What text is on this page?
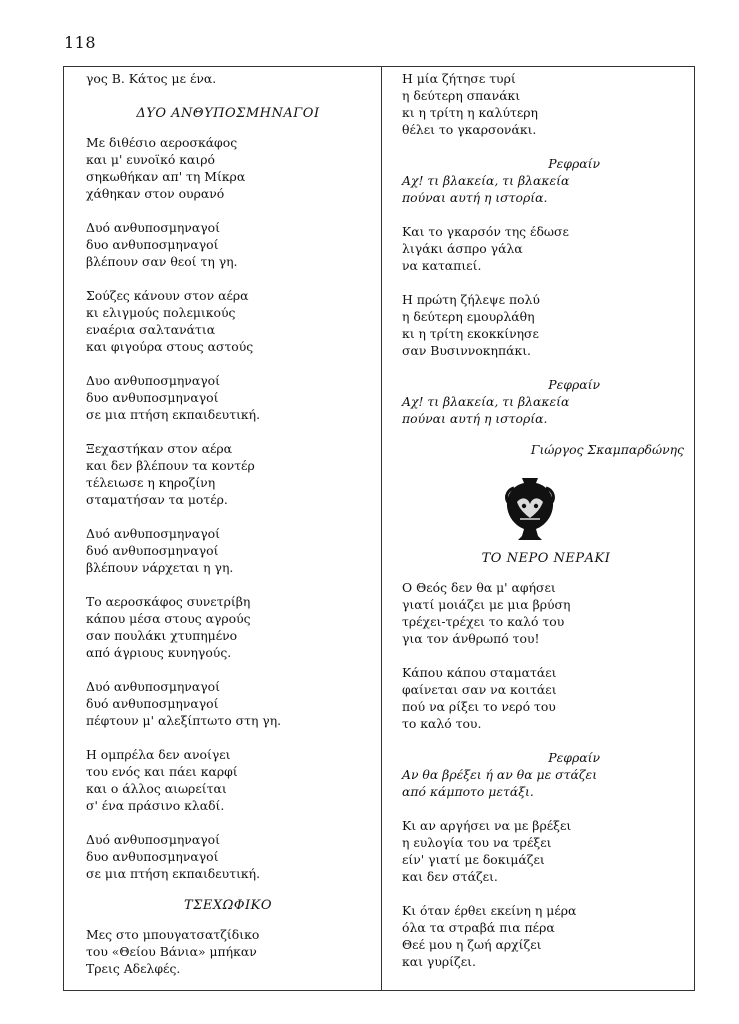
118
γος Β. Κάτος με ένα.
ΔΥΟ ΑΝΘΥΠΟΣΜΗΝΑΓΟΙ
Με διθέσιο αεροσκάφος
και μ' ευνοϊκό καιρό
σηκωθήκαν απ' τη Μίκρα
χάθηκαν στον ουρανό
Δυό ανθυποσμηναγοί
δυο ανθυποσμηναγοί
βλέπουν σαν θεοί τη γη.
Σούζες κάνουν στον αέρα
κι ελιγμούς πολεμικούς
εναέρια σαλτανάτια
και φιγούρα στους αστούς
Δυο ανθυποσμηναγοί
δυο ανθυποσμηναγοί
σε μια πτήση εκπαιδευτική.
Ξεχαστήκαν στον αέρα
και δεν βλέπουν τα κοντέρ
τέλειωσε η κηροζίνη
σταματήσαν τα μοτέρ.
Δυό ανθυποσμηναγοί
δυό ανθυποσμηναγοί
βλέπουν νάρχεται η γη.
Το αεροσκάφος συνετρίβη
κάπου μέσα στους αγρούς
σαν πουλάκι χτυπημένο
από άγριους κυνηγούς.
Δυό ανθυποσμηναγοί
δυό ανθυποσμηναγοί
πέφτουν μ' αλεξίπτωτο στη γη.
Η ομπρέλα δεν ανοίγει
του ενός και πάει καρφί
και ο άλλος αιωρείται
σ' ένα πράσινο κλαδί.
Δυό ανθυποσμηναγοί
δυο ανθυποσμηναγοί
σε μια πτήση εκπαιδευτική.
ΤΣΕΧΩΦΙΚΟ
Μες στο μπουγατσατζίδικο
του «Θείου Βάνια» μπήκαν
Τρεις Αδελφές.
Η μία ζήτησε τυρί
η δεύτερη σπανάκι
κι η τρίτη η καλύτερη
θέλει το γκαρσονάκι.
Ρεφραίν
Αχ! τι βλακεία, τι βλακεία
πούναι αυτή η ιστορία.
Και το γκαρσόν της έδωσε
λιγάκι άσπρο γάλα
να καταπιεί.
Η πρώτη ζήλεψε πολύ
η δεύτερη εμουρλάθη
κι η τρίτη εκοκκίνησε
σαν Βυσιννοκηπάκι.
Ρεφραίν
Αχ! τι βλακεία, τι βλακεία
πούναι αυτή η ιστορία.
Γιώργος Σκαμπαρδώνης
ΤΟ ΝΕΡΟ ΝΕΡΑΚΙ
Ο Θεός δεν θα μ' αφήσει
γιατί μοιάζει με μια βρύση
τρέχει-τρέχει το καλό του
για τον άνθρωπό του!
Κάπου κάπου σταματάει
φαίνεται σαν να κοιτάει
πού να ρίξει το νερό του
το καλό του.
Ρεφραίν
Αν θα βρέξει ή αν θα με στάζει
από κάμποτο μετάξι.
Κι αν αργήσει να με βρέξει
η ευλογία του να τρέξει
είν' γιατί με δοκιμάζει
και δεν στάζει.
Κι όταν έρθει εκείνη η μέρα
όλα τα στραβά πια πέρα
Θεέ μου η ζωή αρχίζει
και γυρίζει.
